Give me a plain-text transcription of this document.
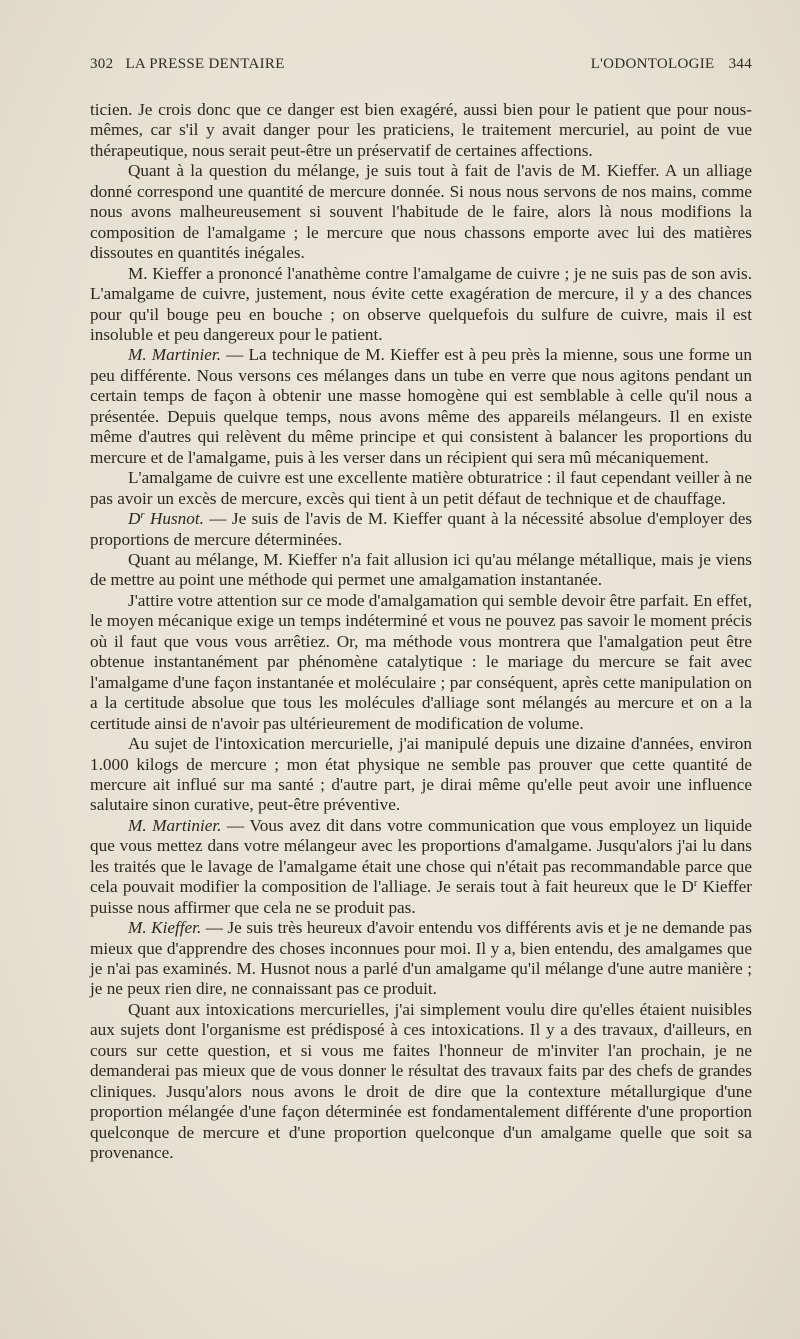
302 LA PRESSE DENTAIRE	L'ODONTOLOGIE 344

ticien. Je crois donc que ce danger est bien exagéré, aussi bien pour le patient que pour nous-mêmes, car s'il y avait danger pour les praticiens, le traitement mercuriel, au point de vue thérapeutique, nous serait peut-être un préservatif de certaines affections.

Quant à la question du mélange, je suis tout à fait de l'avis de M. Kieffer. A un alliage donné correspond une quantité de mercure donnée. Si nous nous servons de nos mains, comme nous avons malheureusement si souvent l'habitude de le faire, alors là nous modifions la composition de l'amalgame ; le mercure que nous chassons emporte avec lui des matières dissoutes en quantités inégales.

M. Kieffer a prononcé l'anathème contre l'amalgame de cuivre ; je ne suis pas de son avis. L'amalgame de cuivre, justement, nous évite cette exagération de mercure, il y a des chances pour qu'il bouge peu en bouche ; on observe quelquefois du sulfure de cuivre, mais il est insoluble et peu dangereux pour le patient.

M. Martinier. — La technique de M. Kieffer est à peu près la mienne, sous une forme un peu différente. Nous versons ces mélanges dans un tube en verre que nous agitons pendant un certain temps de façon à obtenir une masse homogène qui est semblable à celle qu'il nous a présentée. Depuis quelque temps, nous avons même des appareils mélangeurs. Il en existe même d'autres qui relèvent du même principe et qui consistent à balancer les proportions du mercure et de l'amalgame, puis à les verser dans un récipient qui sera mû mécaniquement.

L'amalgame de cuivre est une excellente matière obturatrice : il faut cependant veiller à ne pas avoir un excès de mercure, excès qui tient à un petit défaut de technique et de chauffage.

$D^r$ Husnot. — Je suis de l'avis de M. Kieffer quant à la nécessité absolue d'employer des proportions de mercure déterminées.

Quant au mélange, M. Kieffer n'a fait allusion ici qu'au mélange métallique, mais je viens de mettre au point une méthode qui permet une amalgamation instantanée.

J'attire votre attention sur ce mode d'amalgamation qui semble devoir être parfait. En effet, le moyen mécanique exige un temps indéterminé et vous ne pouvez pas savoir le moment précis où il faut que vous vous arrêtiez. Or, ma méthode vous montrera que l'amalgation peut être obtenue instantanément par phénomène catalytique : le mariage du mercure se fait avec l'amalgame d'une façon instantanée et moléculaire ; par conséquent, après cette manipulation on a la certitude absolue que tous les molécules d'alliage sont mélangés au mercure et on a la certitude ainsi de n'avoir pas ultérieurement de modification de volume.

Au sujet de l'intoxication mercurielle, j'ai manipulé depuis une dizaine d'années, environ 1.000 kilogs de mercure ; mon état physique ne semble pas prouver que cette quantité de mercure ait influé sur ma santé ; d'autre part, je dirai même qu'elle peut avoir une influence salutaire sinon curative, peut-être préventive.

M. Martinier. — Vous avez dit dans votre communication que vous employez un liquide que vous mettez dans votre mélangeur avec les proportions d'amalgame. Jusqu'alors j'ai lu dans les traités que le lavage de l'amalgame était une chose qui n'était pas recommandable parce que cela pouvait modifier la composition de l'alliage. Je serais tout à fait heureux que le $D^r$ Kieffer puisse nous affirmer que cela ne se produit pas.

M. Kieffer. — Je suis très heureux d'avoir entendu vos différents avis et je ne demande pas mieux que d'apprendre des choses inconnues pour moi. Il y a, bien entendu, des amalgames que je n'ai pas examinés. M. Husnot nous a parlé d'un amalgame qu'il mélange d'une autre manière ; je ne peux rien dire, ne connaissant pas ce produit.

Quant aux intoxications mercurielles, j'ai simplement voulu dire qu'elles étaient nuisibles aux sujets dont l'organisme est prédisposé à ces intoxications. Il y a des travaux, d'ailleurs, en cours sur cette question, et si vous me faites l'honneur de m'inviter l'an prochain, je ne demanderai pas mieux que de vous donner le résultat des travaux faits par des chefs de grandes cliniques. Jusqu'alors nous avons le droit de dire que la contexture métallurgique d'une proportion mélangée d'une façon déterminée est fondamentalement différente d'une proportion quelconque de mercure et d'une proportion quelconque d'un amalgame quelle que soit sa provenance.
